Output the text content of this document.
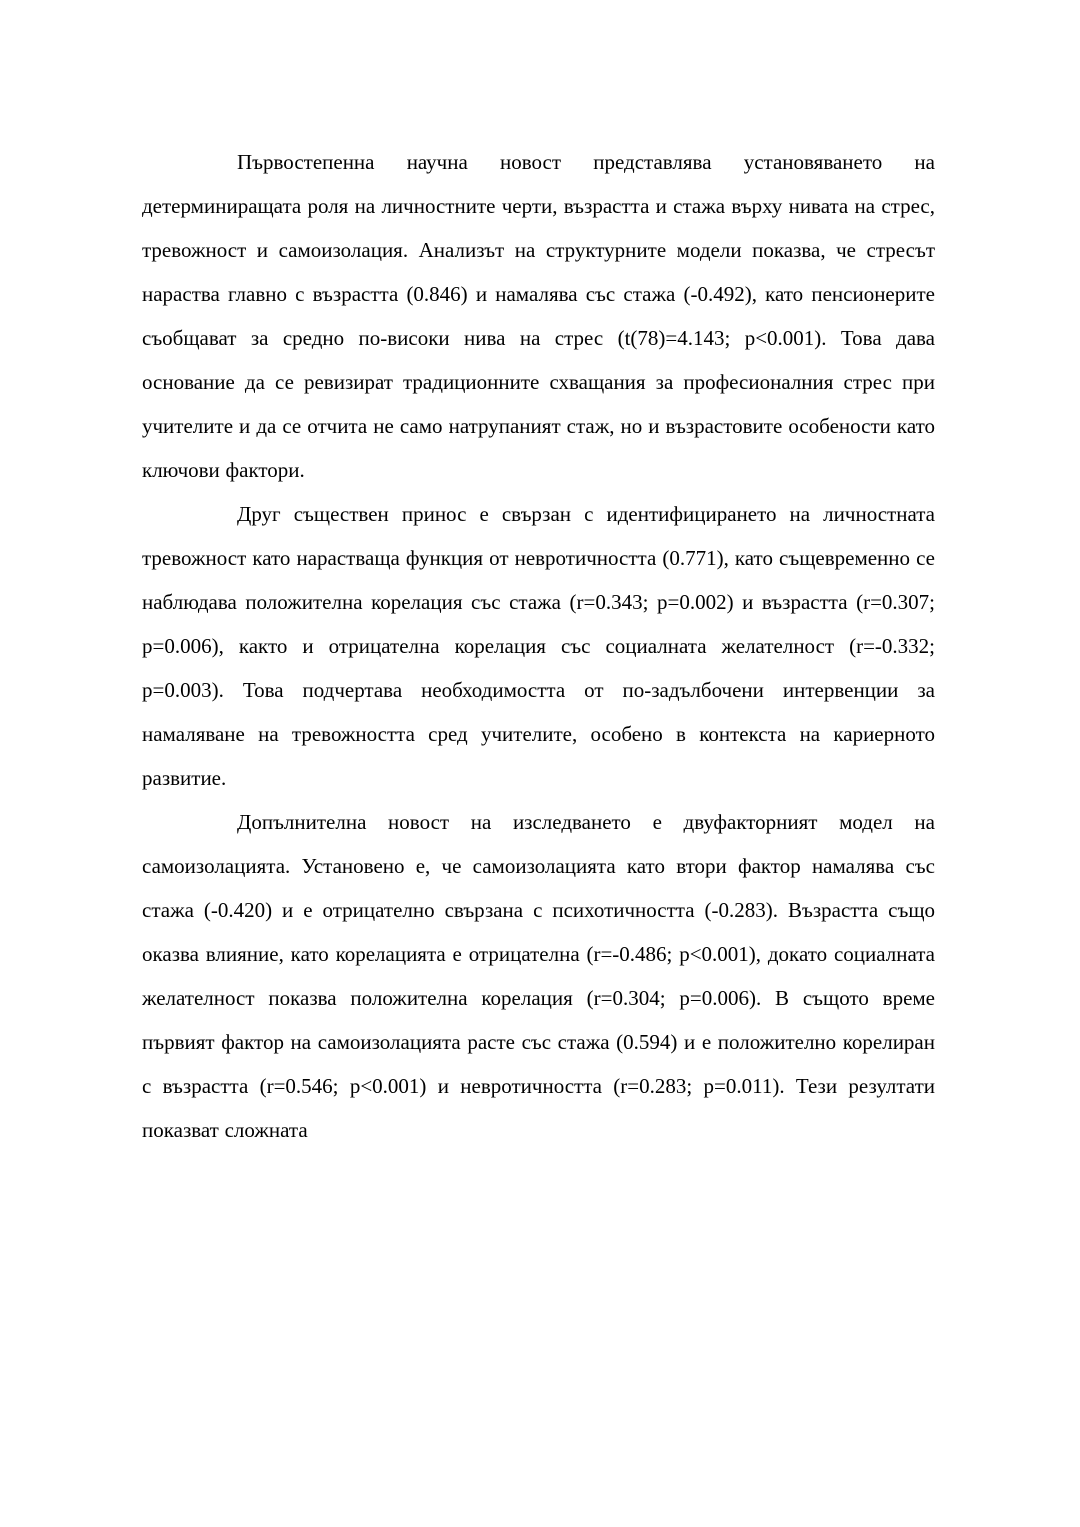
Първостепенна научна новост представлява установяването на детерминиращата роля на личностните черти, възрастта и стажа върху нивата на стрес, тревожност и самоизолация. Анализът на структурните модели показва, че стресът нараства главно с възрастта (0.846) и намалява със стажа (-0.492), като пенсионерите съобщават за средно по-високи нива на стрес (t(78)=4.143; p<0.001). Това дава основание да се ревизират традиционните схващания за професионалния стрес при учителите и да се отчита не само натрупаният стаж, но и възрастовите особености като ключови фактори.

Друг съществен принос е свързан с идентифицирането на личностната тревожност като нарастваща функция от невротичността (0.771), като същевременно се наблюдава положителна корелация със стажа (r=0.343; p=0.002) и възрастта (r=0.307; p=0.006), както и отрицателна корелация със социалната желателност (r=-0.332; p=0.003). Това подчертава необходимостта от по-задълбочени интервенции за намаляване на тревожността сред учителите, особено в контекста на кариерното развитие.

Допълнителна новост на изследването е двуфакторният модел на самоизолацията. Установено е, че самоизолацията като втори фактор намалява със стажа (-0.420) и е отрицателно свързана с психотичността (-0.283). Възрастта също оказва влияние, като корелацията е отрицателна (r=-0.486; p<0.001), докато социалната желателност показва положителна корелация (r=0.304; p=0.006). В същото време първият фактор на самоизолацията расте със стажа (0.594) и е положително корелиран с възрастта (r=0.546; p<0.001) и невротичността (r=0.283; p=0.011). Тези резултати показват сложната
